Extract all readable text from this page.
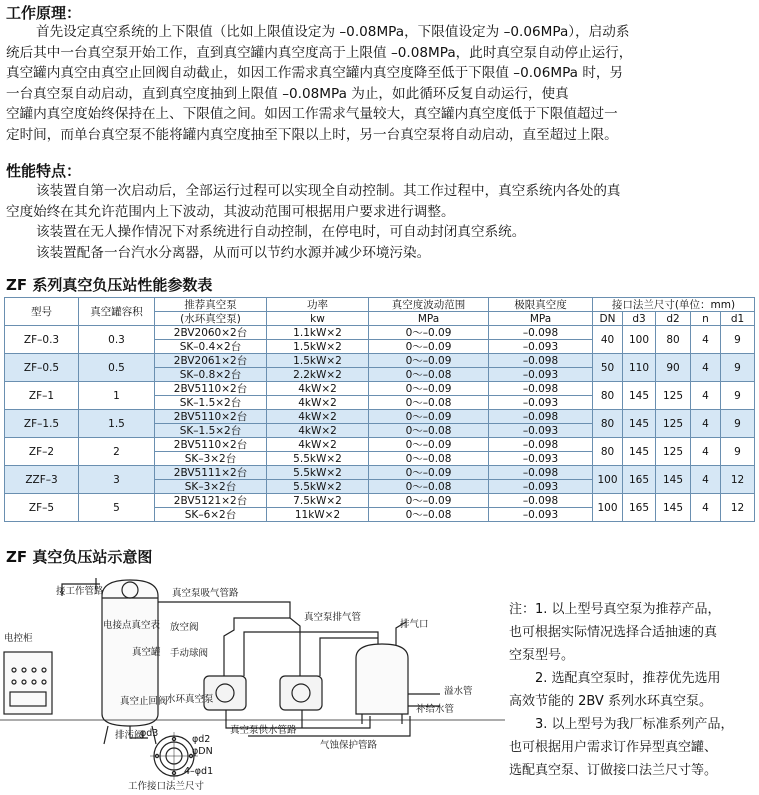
工作原理：
首先设定真空系统的上下限值（比如上限值设定为 –0.08MPa，下限值设定为 –0.06MPa），启动系
统后其中一台真空泵开始工作，直到真空罐内真空度高于上限值 –0.08MPa，此时真空泵自动停止运行，
真空罐内真空由真空止回阀自动截止，如因工作需求真空罐内真空度降至低于下限值 –0.06MPa 时，另
一台真空泵自动启动，直到真空度抽到上限值 –0.08MPa 为止，如此循环反复自动运行，使真
空罐内真空度始终保持在上、下限值之间。如因工作需求气量较大，真空罐内真空度低于下限值超过一
定时间，而单台真空泵不能将罐内真空度抽至下限以上时，另一台真空泵将自动启动，直至超过上限。
性能特点：
该装置自第一次启动后，全部运行过程可以实现全自动控制。其工作过程中，真空系统内各处的真
空度始终在其允许范围内上下波动，其波动范围可根据用户要求进行调整。
该装置在无人操作情况下对系统进行自动控制，在停电时，可自动封闭真空系统。
该装置配备一台汽水分离器，从而可以节约水源并减少环境污染。
ZF 系列真空负压站性能参数表
型号	真空罐容积	推荐真空泵	功率	真空度波动范围	极限真空度	接口法兰尺寸(单位：mm)				
		(水环真空泵)	kw	MPa	MPa	DN	d3	d2	n	d1
ZF–0.3	0.3	2BV2060×2台	1.1kW×2	0～–0.09	–0.098	40	100	80	4	9
		SK–0.4×2台	1.5kW×2	0～–0.09	–0.093					
ZF–0.5	0.5	2BV2061×2台	1.5kW×2	0～–0.09	–0.098	50	110	90	4	9
		SK–0.8×2台	2.2kW×2	0～–0.08	–0.093					
ZF–1	1	2BV5110×2台	4kW×2	0～–0.09	–0.098	80	145	125	4	9
		SK–1.5×2台	4kW×2	0～–0.08	–0.093					
ZF–1.5	1.5	2BV5110×2台	4kW×2	0～–0.09	–0.098	80	145	125	4	9
		SK–1.5×2台	4kW×2	0～–0.08	–0.093					
ZF–2	2	2BV5110×2台	4kW×2	0～–0.09	–0.098	80	145	125	4	9
		SK–3×2台	5.5kW×2	0～–0.08	–0.093					
ZZF–3	3	2BV5111×2台	5.5kW×2	0～–0.09	–0.098	100	165	145	4	12
		SK–3×2台	5.5kW×2	0～–0.08	–0.093					
ZF–5	5	2BV5121×2台	7.5kW×2	0～–0.09	–0.098	100	165	145	4	12
		SK–6×2台	11kW×2	0～–0.08	–0.093					
ZF 真空负压站示意图
接工作管路
电控柜
电接点真空表
真空罐
真空止回阀
排污阀
真空泵吸气管路
放空阀
手动球阀
水环真空泵
真空泵排气管
排气口
真空泵供水管路
溢水管
补给水管
气蚀保护管路
φd3
φd2
φDN
4–φd1
工作接口法兰尺寸
注：1. 以上型号真空泵为推荐产品，
也可根据实际情况选择合适抽速的真
空泵型号。
2. 选配真空泵时，推荐优先选用
高效节能的 2BV 系列水环真空泵。
3. 以上型号为我厂标准系列产品，
也可根据用户需求订作异型真空罐、
选配真空泵、订做接口法兰尺寸等。
